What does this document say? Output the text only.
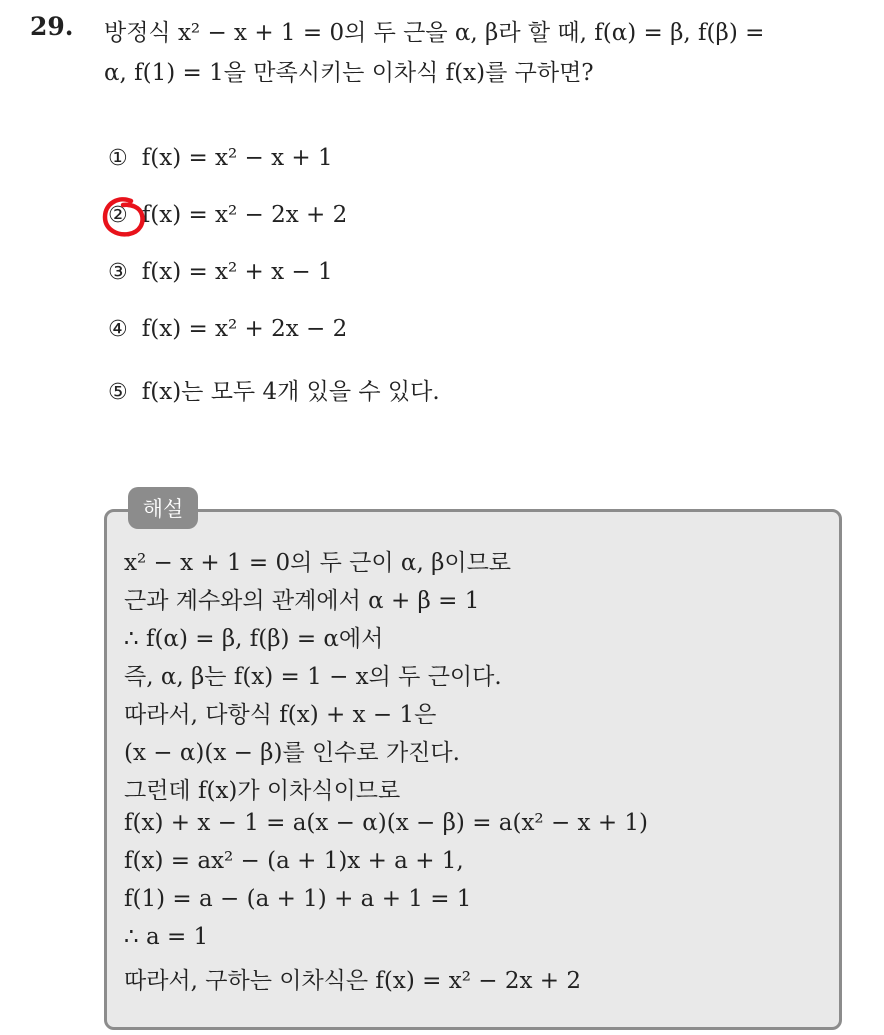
29. 방정식 x² − x + 1 = 0의 두 근을 α, β라 할 때, f(α) = β, f(β) =
α, f(1) = 1을 만족시키는 이차식 f(x)를 구하면?
① f(x) = x² − x + 1
② f(x) = x² − 2x + 2
③ f(x) = x² + x − 1
④ f(x) = x² + 2x − 2
⑤ f(x)는 모두 4개 있을 수 있다.
해설
x² − x + 1 = 0의 두 근이 α, β이므로
근과 계수와의 관계에서 α + β = 1
∴ f(α) = β, f(β) = α에서
즉, α, β는 f(x) = 1 − x의 두 근이다.
따라서, 다항식 f(x) + x − 1은
(x − α)(x − β)를 인수로 가진다.
그런데 f(x)가 이차식이므로
f(x) + x − 1 = a(x − α)(x − β) = a(x² − x + 1)
f(x) = ax² − (a + 1)x + a + 1,
f(1) = a − (a + 1) + a + 1 = 1
∴ a = 1
따라서, 구하는 이차식은 f(x) = x² − 2x + 2
